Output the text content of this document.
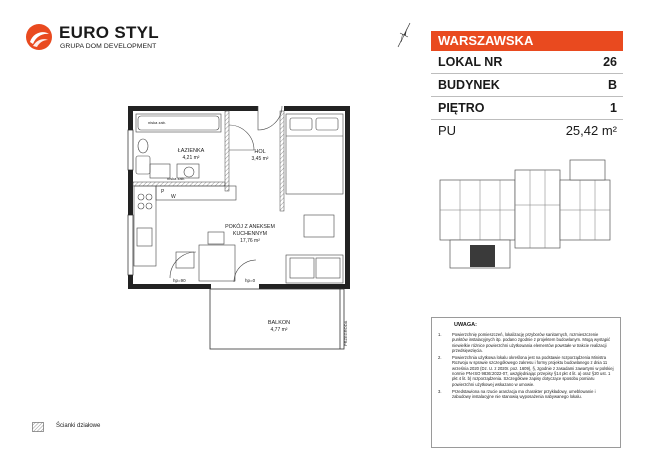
EURO STYL
GRUPA DOM DEVELOPMENT	WARSZAWSKA
LOKAL NR	26
BUDYNEK	B
PIĘTRO	1
PU	25,42 m²
ŁAZIENKA
4,21 m²
HOL
3,45 m²
POKÓJ Z ANEKSEM
KUCHENNYM
17,76 m²
BALKON
4,77 m²
niska zab.
niska zab.
hp=90	hp=0
P
W
PRZEGRODA	UWAGA:
1.	Powierzchnię pomieszczeń, lokalizację przyborów sanitarnych, rozmieszczenie punktów instalacyjnych itp. podano zgodnie z projektem budowlanym. Mogą wystąpić niewielkie różnice powierzchni użytkowania elementów powstałe w trakcie realizacji przedsięwzięcia.
2.	Powierzchnia użytkowa lokalu określona jest na podstawie rozporządzenia Ministra Rozwoju w sprawie szczegółowego zakresu i formy projektu budowlanego z dnia 11 września 2020 (Dz. U. z 2020r. poz. 1609), §, zgodnie z zasadami zawartymi w polskiej normie PN-ISO 9836:2022-07, uwzględniając przepisy §14 pkt 4 lit. a) oraz §20 ust. 1 pkt 4 lit. b) rozporządzenia. Szczegółowe zapisy dotyczące sposobu pomiaru powierzchni użytkowej wskazano w umowie.
3.	Przedstawiona na rzucie aranżacja ma charakter przykładowy, umeblowanie i zabudowy instalacyjne nie stanowią wyposażenia nabywanego lokalu.
Ścianki działowe
